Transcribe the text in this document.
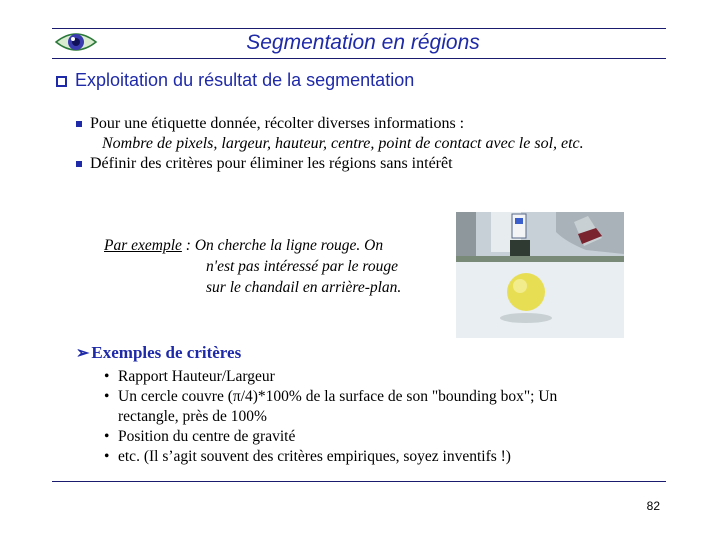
Segmentation en régions
Exploitation du résultat de la segmentation
Pour une étiquette donnée, récolter diverses informations :
Nombre de pixels, largeur, hauteur, centre, point de contact avec le sol, etc.
Définir des critères pour éliminer les régions sans intérêt
Par exemple : On cherche la ligne rouge. On
n'est pas intéressé par le rouge
sur le chandail en arrière-plan.
➢ Exemples de critères
• Rapport Hauteur/Largeur
• Un cercle couvre (π/4)*100% de la surface de son "bounding box"; Un
rectangle, près de 100%
• Position du centre de gravité
• etc. (Il s’agit souvent des critères empiriques, soyez inventifs !)
82
